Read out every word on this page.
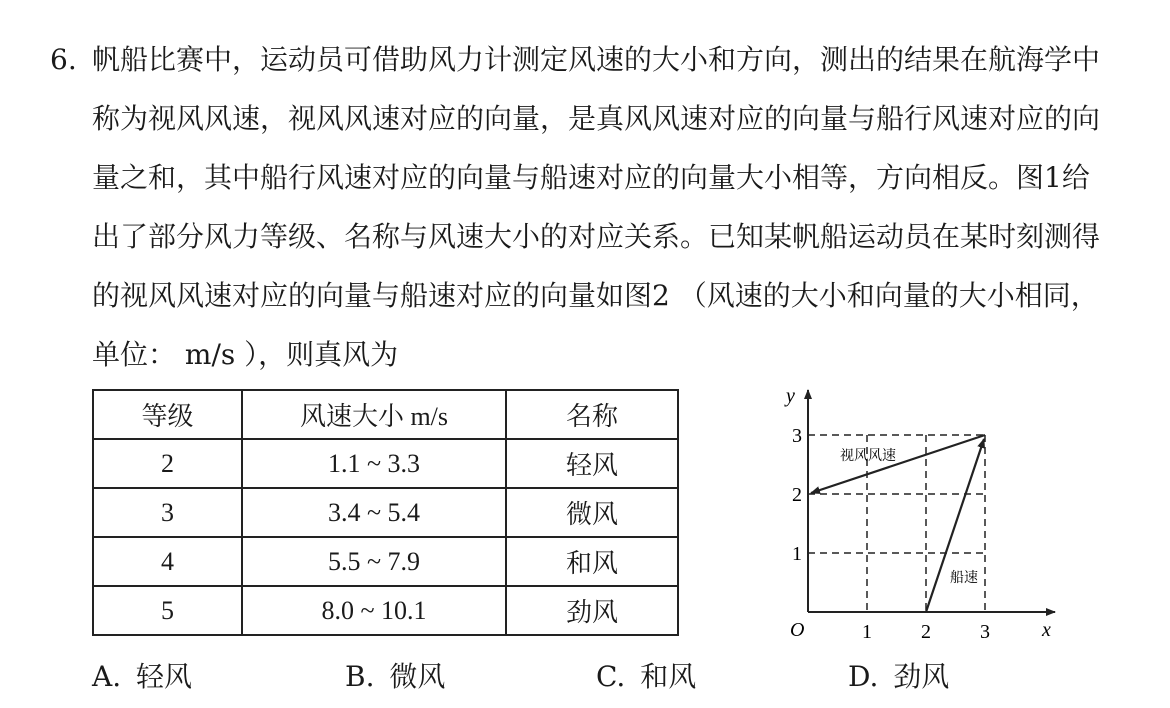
6. 帆船比赛中，运动员可借助风力计测定风速的大小和方向，测出的结果在航海学中
称为视风风速，视风风速对应的向量，是真风风速对应的向量与船行风速对应的向
量之和，其中船行风速对应的向量与船速对应的向量大小相等，方向相反。图1给
出了部分风力等级、名称与风速大小的对应关系。已知某帆船运动员在某时刻测得
的视风风速对应的向量与船速对应的向量如图2 （风速的大小和向量的大小相同，
单位： m/s ），则真风为
等级	风速大小 m/s	名称
2	1.1 ~ 3.3	轻风
3	3.4 ~ 5.4	微风
4	5.5 ~ 7.9	和风
5	8.0 ~ 10.1	劲风
y
x
O	1 2 3
1
2
3
视风风速
船速
A. 轻风	B. 微风	C. 和风	D. 劲风
